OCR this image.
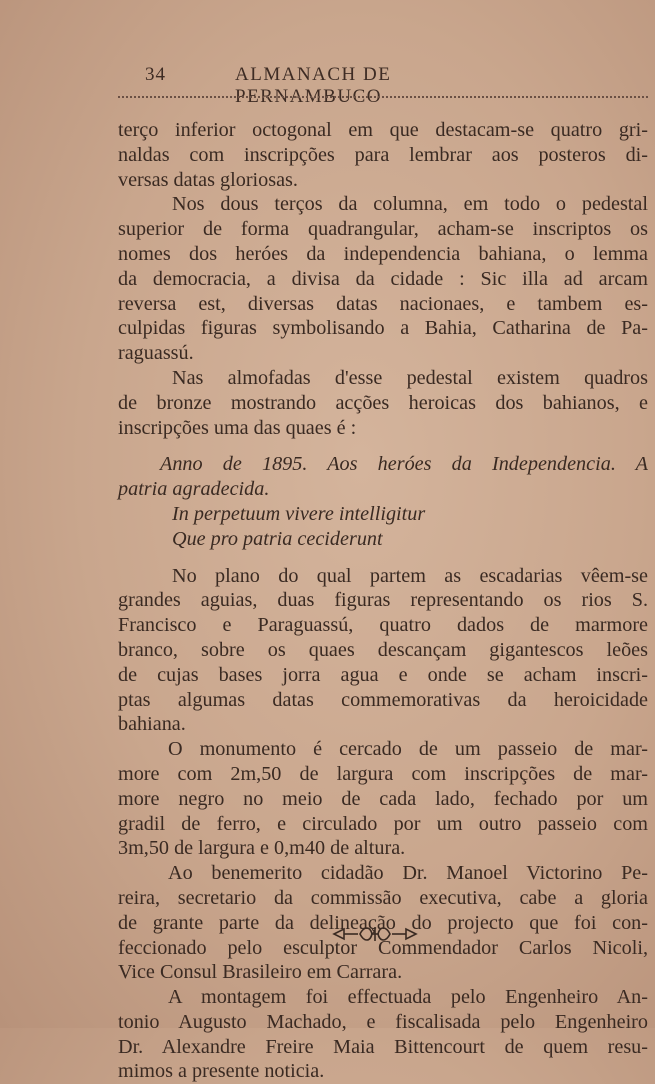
34	ALMANACH DE PERNAMBUCO
terço inferior octogonal em que destacam-se quatro gri-
naldas com inscripções para lembrar aos posteros di-
versas datas gloriosas.
Nos dous terços da columna, em todo o pedestal
superior de forma quadrangular, acham-se inscriptos os
nomes dos heróes da independencia bahiana, o lemma
da democracia, a divisa da cidade : Sic illa ad arcam
reversa est, diversas datas nacionaes, e tambem es-
culpidas figuras symbolisando a Bahia, Catharina de Pa-
raguassú.
Nas almofadas d'esse pedestal existem quadros
de bronze mostrando acções heroicas dos bahianos, e
inscripções uma das quaes é :
Anno de 1895. Aos heróes da Independencia. A
patria agradecida.
In perpetuum vivere intelligitur
Que pro patria ceciderunt
No plano do qual partem as escadarias vêem-se
grandes aguias, duas figuras representando os rios S.
Francisco e Paraguassú, quatro dados de marmore
branco, sobre os quaes descançam gigantescos leões
de cujas bases jorra agua e onde se acham inscri-
ptas algumas datas commemorativas da heroicidade
bahiana.
O monumento é cercado de um passeio de mar-
more com 2m,50 de largura com inscripções de mar-
more negro no meio de cada lado, fechado por um
gradil de ferro, e circulado por um outro passeio com
3m,50 de largura e 0,m40 de altura.
Ao benemerito cidadão Dr. Manoel Victorino Pe-
reira, secretario da commissão executiva, cabe a gloria
de grante parte da delineação do projecto que foi con-
feccionado pelo esculptor Commendador Carlos Nicoli,
Vice Consul Brasileiro em Carrara.
A montagem foi effectuada pelo Engenheiro An-
tonio Augusto Machado, e fiscalisada pelo Engenheiro
Dr. Alexandre Freire Maia Bittencourt de quem resu-
mimos a presente noticia.
